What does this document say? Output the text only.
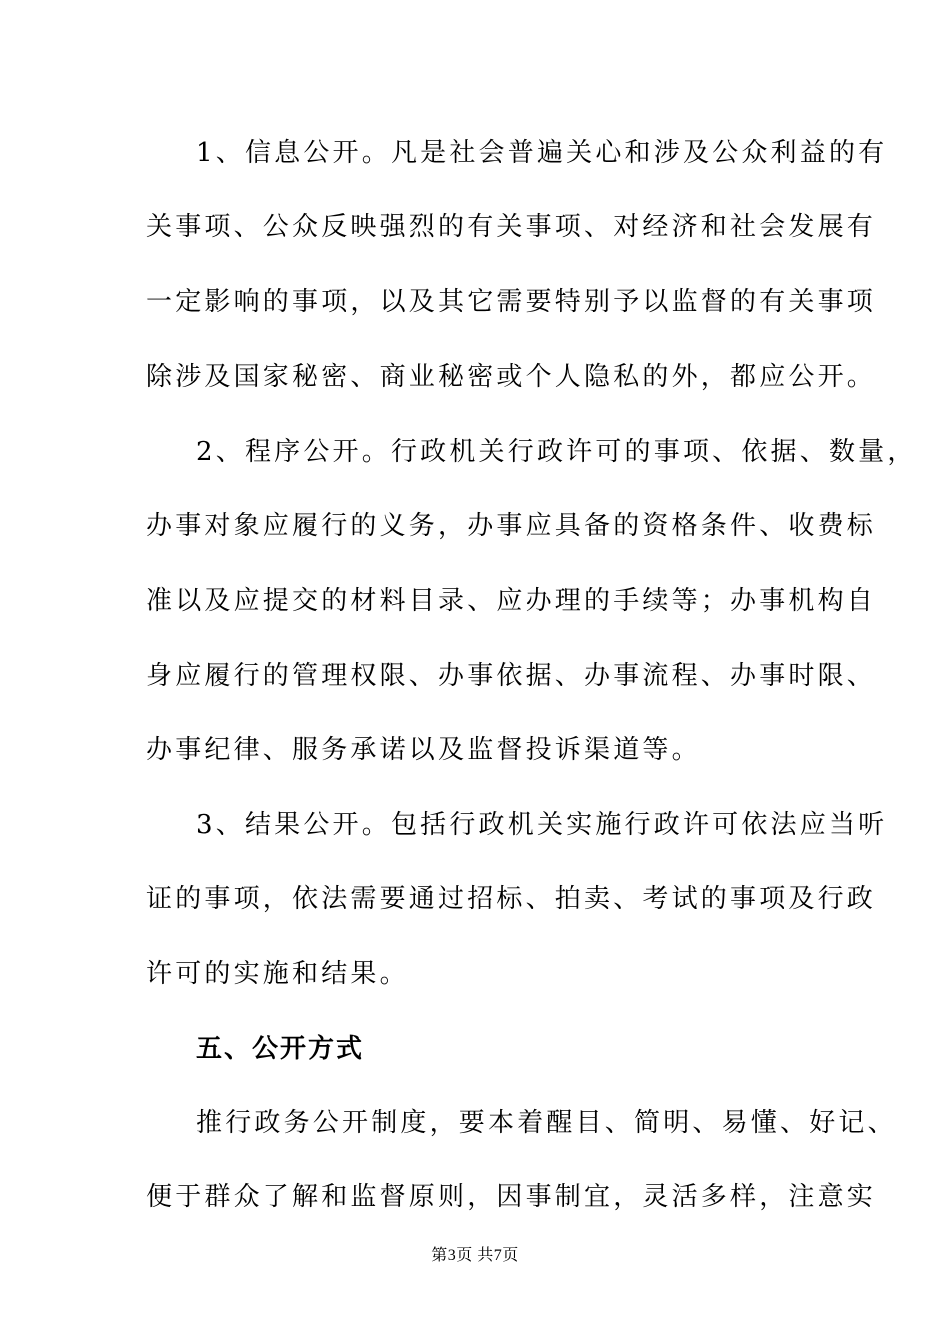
1、信息公开。凡是社会普遍关心和涉及公众利益的有
关事项、公众反映强烈的有关事项、对经济和社会发展有
一定影响的事项，以及其它需要特别予以监督的有关事项
除涉及国家秘密、商业秘密或个人隐私的外，都应公开。
2、程序公开。行政机关行政许可的事项、依据、数量，
办事对象应履行的义务，办事应具备的资格条件、收费标
准以及应提交的材料目录、应办理的手续等；办事机构自
身应履行的管理权限、办事依据、办事流程、办事时限、
办事纪律、服务承诺以及监督投诉渠道等。
3、结果公开。包括行政机关实施行政许可依法应当听
证的事项，依法需要通过招标、拍卖、考试的事项及行政
许可的实施和结果。
五、公开方式
推行政务公开制度，要本着醒目、简明、易懂、好记、
便于群众了解和监督原则，因事制宜，灵活多样，注意实
第3页 共7页
